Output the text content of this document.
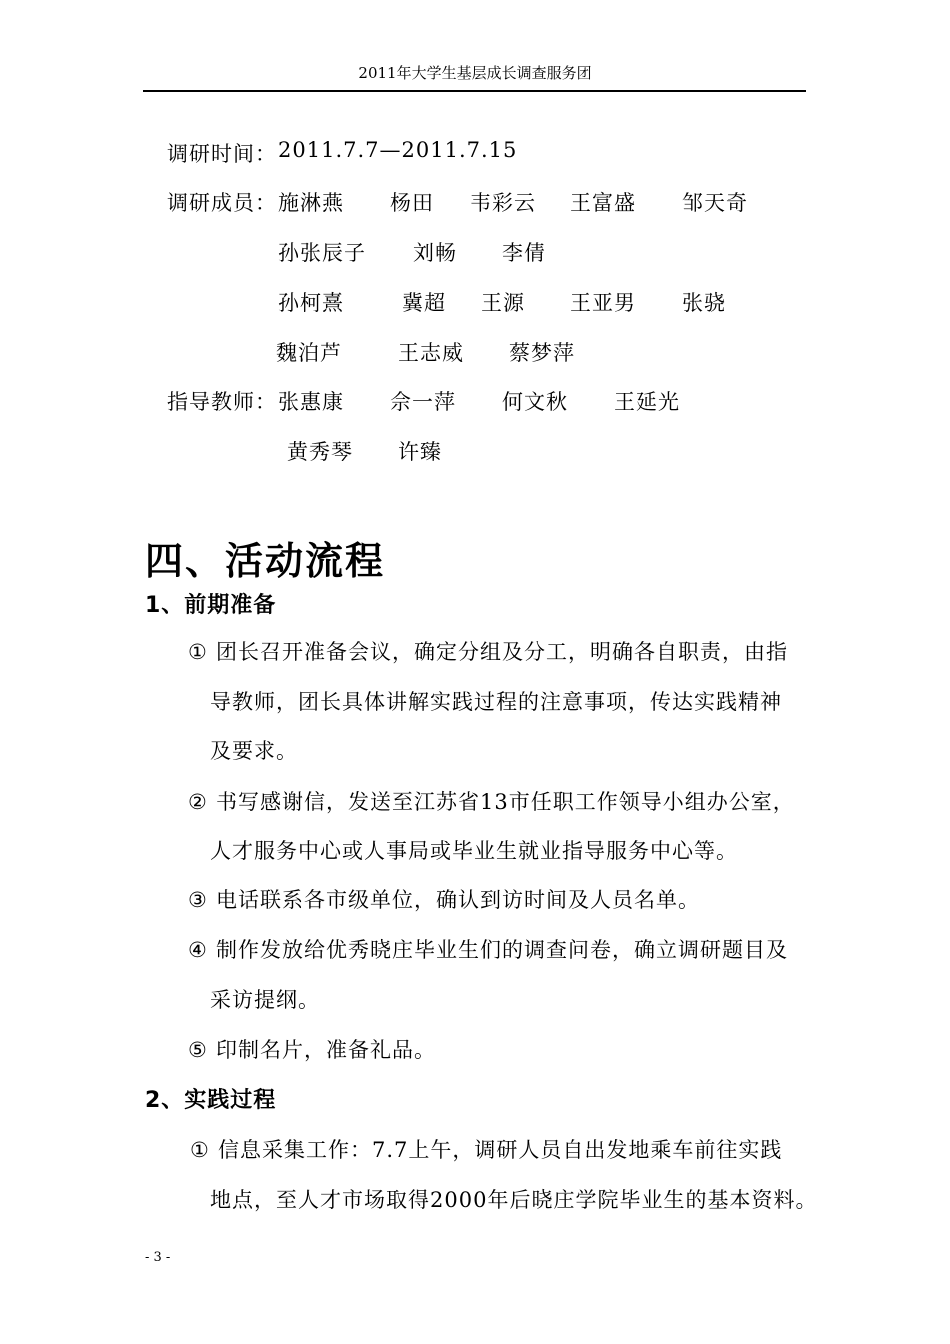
2011年大学生基层成长调查服务团
调研时间： 2011.7.7—2011.7.15
调研成员： 施淋燕 杨田 韦彩云 王富盛 邹天奇
孙张辰子 刘畅 李倩
孙柯熹	冀超 王源 王亚男 张骁
魏泊芦	王志威 蔡梦萍
指导教师： 张惠康 佘一萍 何文秋 王延光
黄秀琴 许臻
四、活动流程
1、前期准备
① 团长召开准备会议，确定分组及分工，明确各自职责，由指
导教师，团长具体讲解实践过程的注意事项，传达实践精神
及要求。
② 书写感谢信，发送至江苏省13市任职工作领导小组办公室，
人才服务中心或人事局或毕业生就业指导服务中心等。
③ 电话联系各市级单位，确认到访时间及人员名单。
④ 制作发放给优秀晓庄毕业生们的调查问卷，确立调研题目及
采访提纲。
⑤ 印制名片，准备礼品。
2、实践过程
① 信息采集工作：7.7上午，调研人员自出发地乘车前往实践
地点，至人才市场取得2000年后晓庄学院毕业生的基本资料。
- 3 -
